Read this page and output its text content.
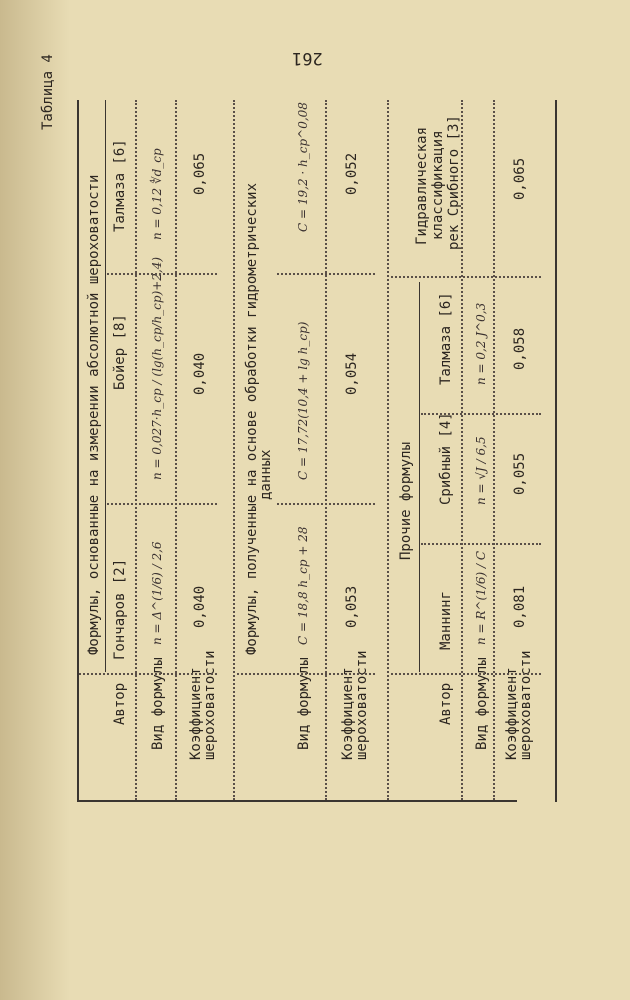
261
Таблица 4
Автор Вид формулы Коэффициент
шероховатости
Формулы, основанные на измерении абсолютной шероховатости Гончаров [2] n = Δ^(1/6) / 2,6 0,040
Бойер [8] n = 0,027·h_cp / (lg(h_cp/h_cp)+2,4) 0,040
Талмаза [6] n = 0,12 ∜d_cp 0,065
Вид формулы Коэффициент
шероховатости
Формулы, полученные на основе обработки гидрометрических
данных
C = 18,8 h_cp + 28 0,053
C = 17,72(10,4 + lg h_cp) 0,054
C = 19,2 · h_cp^0,08 0,052
Автор Вид формулы Коэффициент
шероховатости
Прочие формулы
Гидравлическая классификация рек Срибного [3]
Маннинг n = R^(1/6) / C 0,081
Срибный [4] n = √J / 6,5 0,055
Талмаза [6] n = 0,2 J^0,3 0,058
0,065
